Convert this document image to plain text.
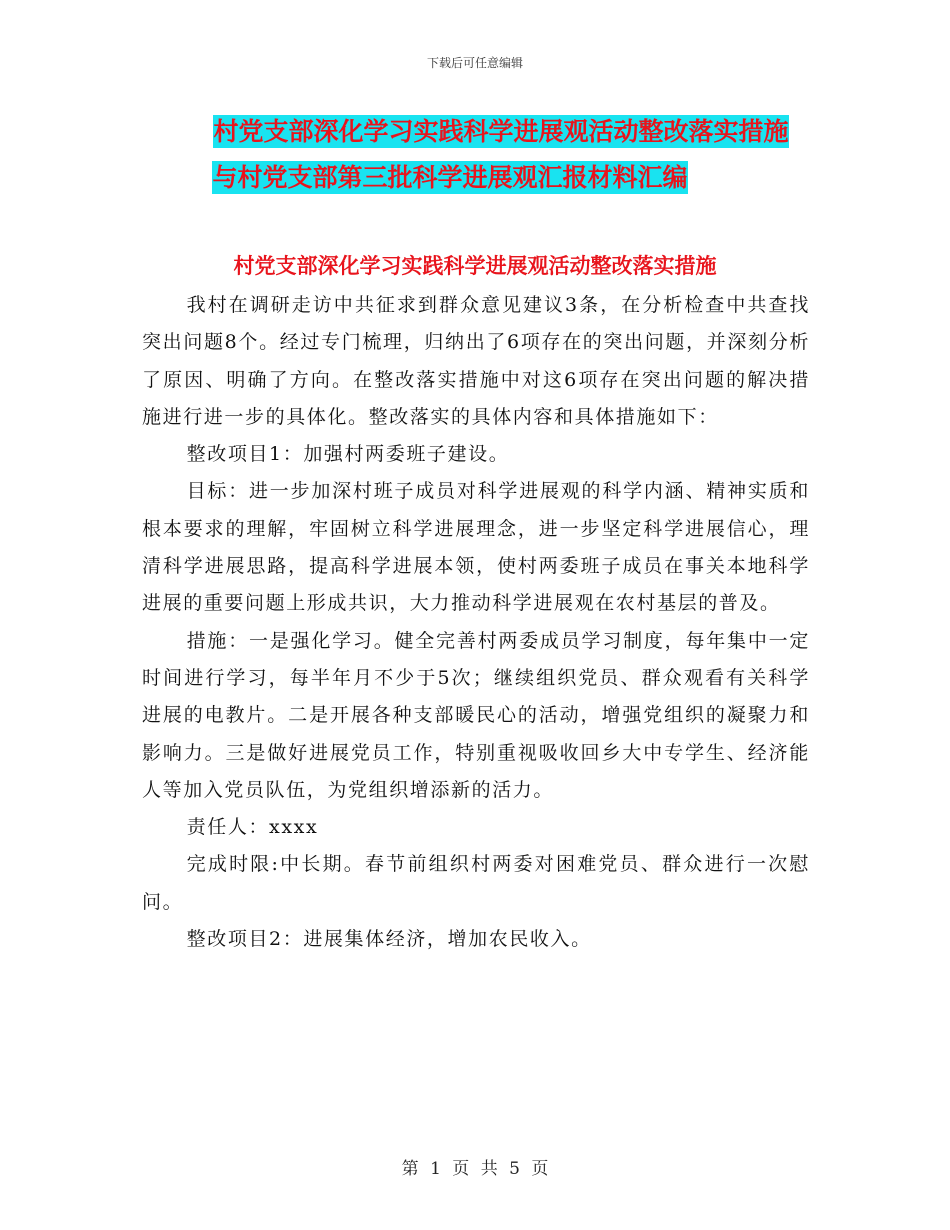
下载后可任意编辑
村党支部深化学习实践科学进展观活动整改落实措施
与村党支部第三批科学进展观汇报材料汇编
村党支部深化学习实践科学进展观活动整改落实措施

我村在调研走访中共征求到群众意见建议3条，在分析检查中共查找突出问题8个。经过专门梳理，归纳出了6项存在的突出问题，并深刻分析了原因、明确了方向。在整改落实措施中对这6项存在突出问题的解决措施进行进一步的具体化。整改落实的具体内容和具体措施如下：

整改项目1：加强村两委班子建设。

目标：进一步加深村班子成员对科学进展观的科学内涵、精神实质和根本要求的理解，牢固树立科学进展理念，进一步坚定科学进展信心，理清科学进展思路，提高科学进展本领，使村两委班子成员在事关本地科学进展的重要问题上形成共识，大力推动科学进展观在农村基层的普及。

措施：一是强化学习。健全完善村两委成员学习制度，每年集中一定时间进行学习，每半年月不少于5次；继续组织党员、群众观看有关科学进展的电教片。二是开展各种支部暖民心的活动，增强党组织的凝聚力和影响力。三是做好进展党员工作，特别重视吸收回乡大中专学生、经济能人等加入党员队伍，为党组织增添新的活力。

责任人：xxxx

完成时限:中长期。春节前组织村两委对困难党员、群众进行一次慰问。

整改项目2：进展集体经济，增加农民收入。

第 1 页 共 5 页
